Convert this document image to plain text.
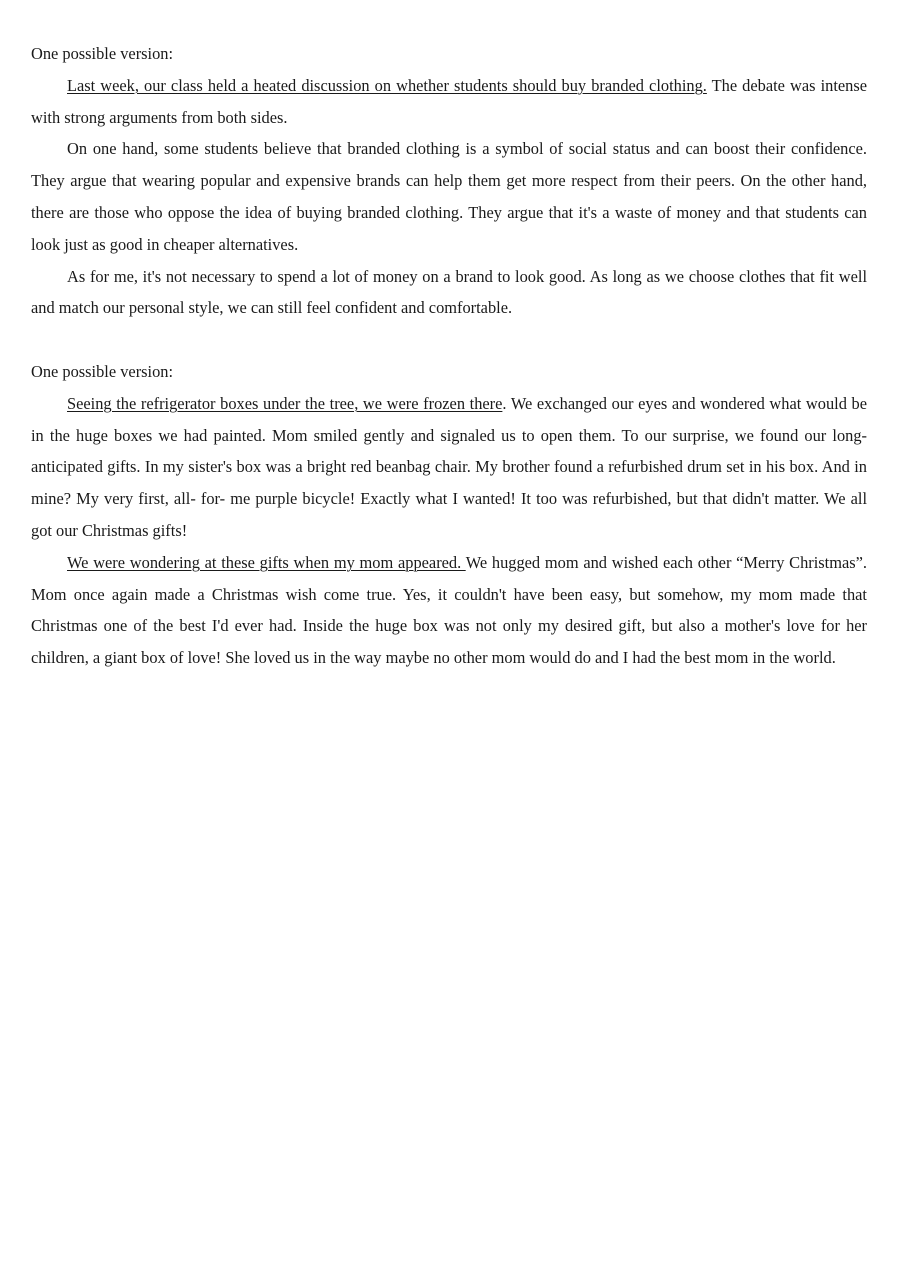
One possible version:

Last week, our class held a heated discussion on whether students should buy branded clothing. The debate was intense with strong arguments from both sides.

On one hand, some students believe that branded clothing is a symbol of social status and can boost their confidence. They argue that wearing popular and expensive brands can help them get more respect from their peers. On the other hand, there are those who oppose the idea of buying branded clothing. They argue that it's a waste of money and that students can look just as good in cheaper alternatives.

As for me, it's not necessary to spend a lot of money on a brand to look good. As long as we choose clothes that fit well and match our personal style, we can still feel confident and comfortable.

One possible version:

Seeing the refrigerator boxes under the tree, we were frozen there. We exchanged our eyes and wondered what would be in the huge boxes we had painted. Mom smiled gently and signaled us to open them. To our surprise, we found our long- anticipated gifts. In my sister's box was a bright red beanbag chair. My brother found a refurbished drum set in his box. And in mine? My very first, all- for- me purple bicycle! Exactly what I wanted! It too was refurbished, but that didn't matter. We all got our Christmas gifts!

We were wondering at these gifts when my mom appeared. We hugged mom and wished each other “Merry Christmas”. Mom once again made a Christmas wish come true. Yes, it couldn't have been easy, but somehow, my mom made that Christmas one of the best I'd ever had. Inside the huge box was not only my desired gift, but also a mother's love for her children, a giant box of love! She loved us in the way maybe no other mom would do and I had the best mom in the world.
